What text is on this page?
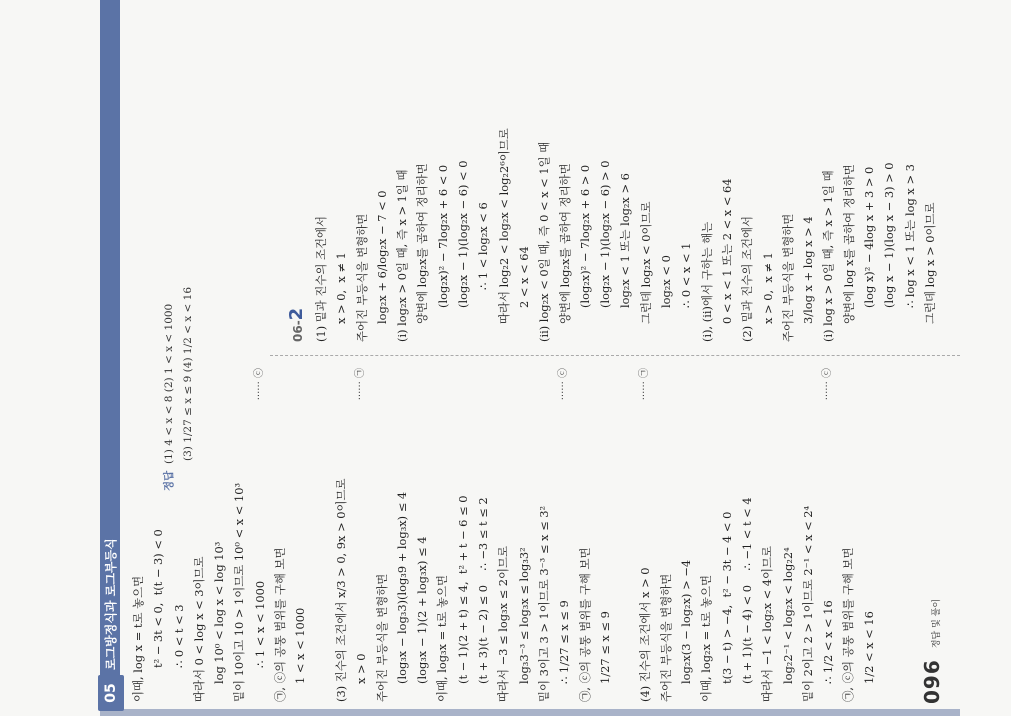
05
로그방정식과 로그부등식 이때, log x = t로 놓으면 t² − 3t < 0,  t(t − 3) < 0 ∴ 0 < t < 3 따라서 0 < log x < 3이므로 log 10⁰ < log x < log 10³ 밑이 10이고 10 > 1이므로 10⁰ < x < 10³ ∴ 1 < x < 1000
······ ⓒ
㉠, ⓒ의 공통 범위를 구해 보면 1 < x < 1000 (3) 진수의 조건에서 x/3 > 0, 9x > 0이므로 x > 0
······ ㉠
주어진 부등식을 변형하면 (log₃x − log₃3)(log₃9 + log₃x) ≤ 4 (log₃x − 1)(2 + log₃x) ≤ 4 이때, log₃x = t로 놓으면 (t − 1)(2 + t) ≤ 4,  t² + t − 6 ≤ 0 (t + 3)(t − 2) ≤ 0    ∴ −3 ≤ t ≤ 2 따라서 −3 ≤ log₃x ≤ 2이므로 log₃3⁻³ ≤ log₃x ≤ log₃3² 밑이 3이고 3 > 1이므로 3⁻³ ≤ x ≤ 3² ∴ 1/27 ≤ x ≤ 9
······ ⓒ
㉠, ⓒ의 공통 범위를 구해 보면 1/27 ≤ x ≤ 9 (4) 진수의 조건에서 x > 0
······ ㉠
주어진 부등식을 변형하면 log₂x(3 − log₂x) > −4 이때, log₂x = t로 놓으면 t(3 − t) > −4,  t² − 3t − 4 < 0 (t + 1)(t − 4) < 0    ∴ −1 < t < 4 따라서 −1 < log₂x < 4이므로 log₂2⁻¹ < log₂x < log₂2⁴ 밑이 2이고 2 > 1이므로 2⁻¹ < x < 2⁴ ∴ 1/2 < x < 16
······ ⓒ
㉠, ⓒ의 공통 범위를 구해 보면 1/2 < x < 16
정답  (1) 4 < x < 8 (2) 1 < x < 1000 (3) 1/27 ≤ x ≤ 9 (4) 1/2 < x < 16	06-2 (1) 밑과 진수의 조건에서 x > 0,  x ≠ 1 주어진 부등식을 변형하면 log₂x + 6/log₂x − 7 < 0 (ⅰ) log₂x > 0일 때, 즉 x > 1일 때 양변에 log₂x를 곱하여 정리하면 (log₂x)² − 7log₂x + 6 < 0 (log₂x − 1)(log₂x − 6) < 0 ∴ 1 < log₂x < 6 따라서 log₂2 < log₂x < log₂2⁶이므로 2 < x < 64 (ⅱ) log₂x < 0일 때, 즉 0 < x < 1일 때 양변에 log₂x를 곱하여 정리하면 (log₂x)² − 7log₂x + 6 > 0 (log₂x − 1)(log₂x − 6) > 0 log₂x < 1 또는 log₂x > 6 그런데 log₂x < 0이므로 log₂x < 0 ∴ 0 < x < 1 (ⅰ), (ⅱ)에서 구하는 해는 0 < x < 1 또는 2 < x < 64 (2) 밑과 진수의 조건에서 x > 0,  x ≠ 1 주어진 부등식을 변형하면 3/log x + log x > 4 (ⅰ) log x > 0일 때, 즉 x > 1일 때 양변에 log x를 곱하여 정리하면 (log x)² − 4log x + 3 > 0 (log x − 1)(log x − 3) > 0 ∴ log x < 1 또는 log x > 3 그런데 log x > 0이므로
096 정답 및 풀이
